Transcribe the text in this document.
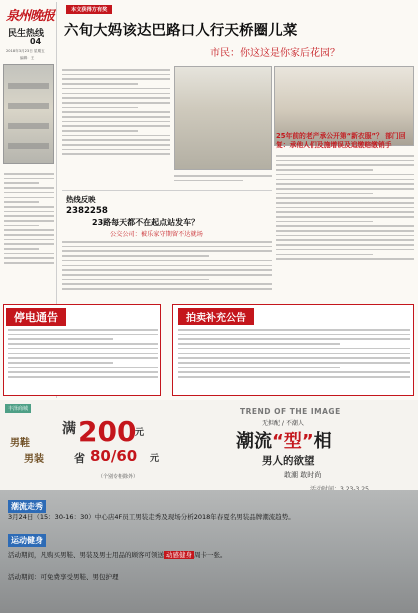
泉州晚报
民生热线
04
2018年3月23日 星期五
编辑：王
本文获得方有奖
六旬大妈该达巴路口人行天桥圈儿菜
市民：你这这是你家后花园？
25年前的老产承公开第“新衣服”？ 部门回复：承他人们及施增误及追缴赔缴销手
热线反映
2382258
23路每天都不在起点站发车？
公交公司：被乐家守期留不达就场
停电通告	拍卖补充公告
丰泽商城
男鞋
男装
满 200
元
省 80/60 元
（个别专柜除外）
TREND OF THE IMAGE
无担配 / 不潮人
潮流“型”相
男人的欲望
敢潮 敢时尚
潮流走秀
3月24日（15：30-16：30）中心店4F员工男装走秀及现场分析2018年春夏名男装品牌潮流趋势。
运动健身
活动期间，凡购买男鞋、男装及男士用品的顾客可领送 动感健身 周卡一张。
活动期间：可免费享受男鞋、男包护理
